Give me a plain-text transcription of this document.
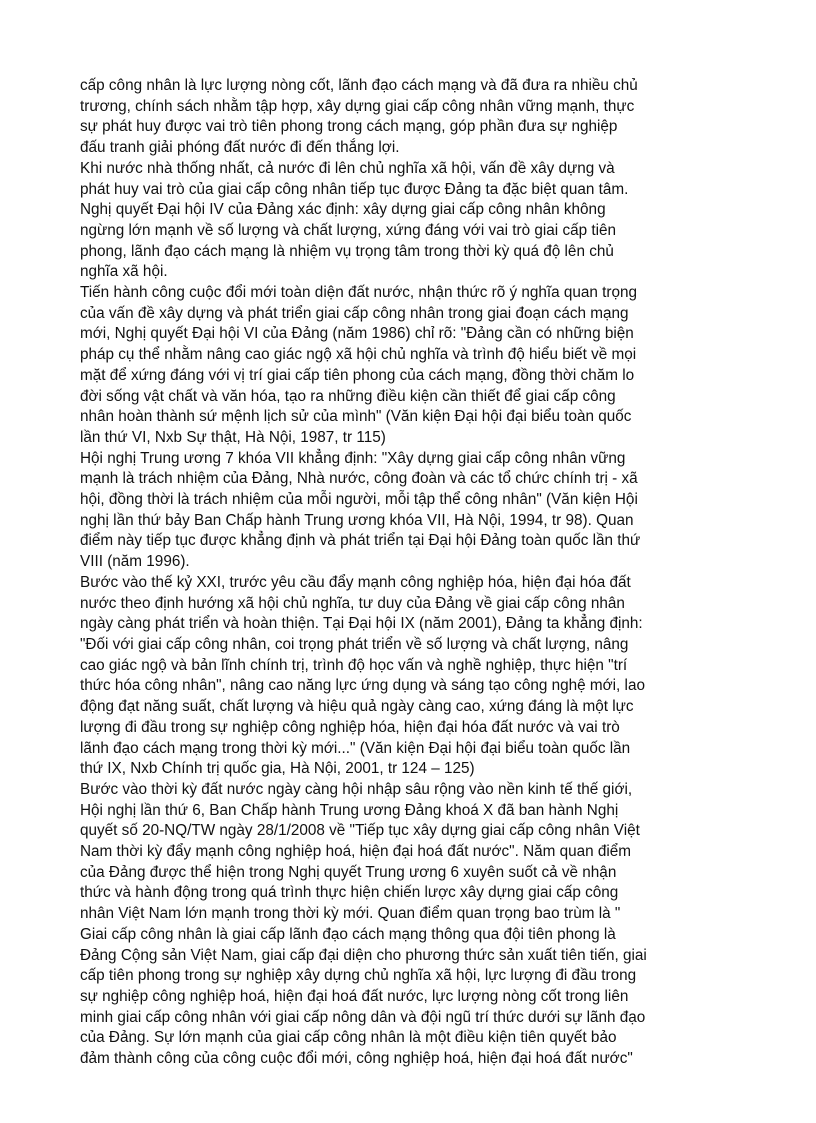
cấp công nhân là lực lượng nòng cốt, lãnh đạo cách mạng và đã đưa ra nhiều chủ
trương, chính sách nhằm tập hợp, xây dựng giai cấp công nhân vững mạnh, thực
sự phát huy được vai trò tiên phong trong cách mạng, góp phần đưa sự nghiệp
đấu tranh giải phóng đất nước đi đến thắng lợi.
Khi nước nhà thống nhất, cả nước đi lên chủ nghĩa xã hội, vấn đề xây dựng và
phát huy vai trò của giai cấp công nhân tiếp tục được Đảng ta đặc biệt quan tâm.
Nghị quyết Đại hội IV của Đảng xác định: xây dựng giai cấp công nhân không
ngừng lớn mạnh về số lượng và chất lượng, xứng đáng với vai trò giai cấp tiên
phong, lãnh đạo cách mạng là nhiệm vụ trọng tâm trong thời kỳ quá độ lên chủ
nghĩa xã hội.
Tiến hành công cuộc đổi mới toàn diện đất nước, nhận thức rõ ý nghĩa quan trọng
của vấn đề xây dựng và phát triển giai cấp công nhân trong giai đoạn cách mạng
mới, Nghị quyết Đại hội VI của Đảng (năm 1986) chỉ rõ: "Đảng cần có những biện
pháp cụ thể nhằm nâng cao giác ngộ xã hội chủ nghĩa và trình độ hiểu biết về mọi
mặt để xứng đáng với vị trí giai cấp tiên phong của cách mạng, đồng thời chăm lo
đời sống vật chất và văn hóa, tạo ra những điều kiện cần thiết để giai cấp công
nhân hoàn thành sứ mệnh lịch sử của mình" (Văn kiện Đại hội đại biểu toàn quốc
lần thứ VI, Nxb Sự thật, Hà Nội, 1987, tr 115)
Hội nghị Trung ương 7 khóa VII khẳng định: "Xây dựng giai cấp công nhân vững
mạnh là trách nhiệm của Đảng, Nhà nước, công đoàn và các tổ chức chính trị - xã
hội, đồng thời là trách nhiệm của mỗi người, mỗi tập thể công nhân" (Văn kiện Hội
nghị lần thứ bảy Ban Chấp hành Trung ương khóa VII, Hà Nội, 1994, tr 98). Quan
điểm này tiếp tục được khẳng định và phát triển tại Đại hội Đảng toàn quốc lần thứ
VIII (năm 1996).
Bước vào thế kỷ XXI, trước yêu cầu đẩy mạnh công nghiệp hóa, hiện đại hóa đất
nước theo định hướng xã hội chủ nghĩa, tư duy của Đảng về giai cấp công nhân
ngày càng phát triển và hoàn thiện. Tại Đại hội IX (năm 2001), Đảng ta khẳng định:
"Đối với giai cấp công nhân, coi trọng phát triển về số lượng và chất lượng, nâng
cao giác ngộ và bản lĩnh chính trị, trình độ học vấn và nghề nghiệp, thực hiện "trí
thức hóa công nhân", nâng cao năng lực ứng dụng và sáng tạo công nghệ mới, lao
động đạt năng suất, chất lượng và hiệu quả ngày càng cao, xứng đáng là một lực
lượng đi đầu trong sự nghiệp công nghiệp hóa, hiện đại hóa đất nước và vai trò
lãnh đạo cách mạng trong thời kỳ mới..." (Văn kiện Đại hội đại biểu toàn quốc lần
thứ IX, Nxb Chính trị quốc gia, Hà Nội, 2001, tr 124 – 125)
Bước vào thời kỳ đất nước ngày càng hội nhập sâu rộng vào nền kinh tế thế giới,
Hội nghị lần thứ 6, Ban Chấp hành Trung ương Đảng khoá X đã ban hành Nghị
quyết số 20-NQ/TW ngày 28/1/2008 về "Tiếp tục xây dựng giai cấp công nhân Việt
Nam thời kỳ đẩy mạnh công nghiệp hoá, hiện đại hoá đất nước". Năm quan điểm
của Đảng được thể hiện trong Nghị quyết Trung ương 6 xuyên suốt cả về nhận
thức và hành động trong quá trình thực hiện chiến lược xây dựng giai cấp công
nhân Việt Nam lớn mạnh trong thời kỳ mới. Quan điểm quan trọng bao trùm là "
Giai cấp công nhân là giai cấp lãnh đạo cách mạng thông qua đội tiên phong là
Đảng Cộng sản Việt Nam, giai cấp đại diện cho phương thức sản xuất tiên tiến, giai
cấp tiên phong trong sự nghiệp xây dựng chủ nghĩa xã hội, lực lượng đi đầu trong
sự nghiệp công nghiệp hoá, hiện đại hoá đất nước, lực lượng nòng cốt trong liên
minh giai cấp công nhân với giai cấp nông dân và đội ngũ trí thức dưới sự lãnh đạo
của Đảng. Sự lớn mạnh của giai cấp công nhân là một điều kiện tiên quyết bảo
đảm thành công của công cuộc đổi mới, công nghiệp hoá, hiện đại hoá đất nước"
